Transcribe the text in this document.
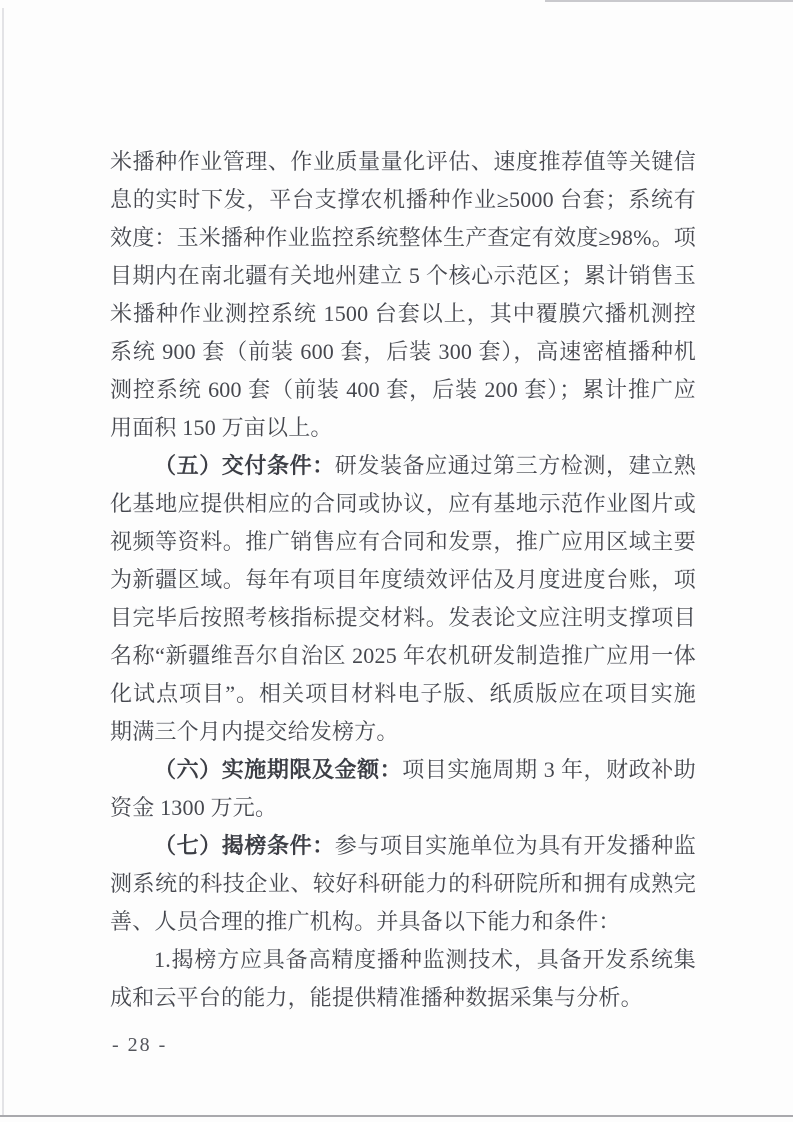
米播种作业管理、作业质量量化评估、速度推荐值等关键信息的实时下发，平台支撑农机播种作业≥5000 台套；系统有效度：玉米播种作业监控系统整体生产查定有效度≥98%。项目期内在南北疆有关地州建立 5 个核心示范区；累计销售玉米播种作业测控系统 1500 台套以上，其中覆膜穴播机测控系统 900 套（前装 600 套，后装 300 套），高速密植播种机测控系统 600 套（前装 400 套，后装 200 套）；累计推广应用面积 150 万亩以上。

（五）交付条件：研发装备应通过第三方检测，建立熟化基地应提供相应的合同或协议，应有基地示范作业图片或视频等资料。推广销售应有合同和发票，推广应用区域主要为新疆区域。每年有项目年度绩效评估及月度进度台账，项目完毕后按照考核指标提交材料。发表论文应注明支撑项目名称“新疆维吾尔自治区 2025 年农机研发制造推广应用一体化试点项目”。相关项目材料电子版、纸质版应在项目实施期满三个月内提交给发榜方。

（六）实施期限及金额：项目实施周期 3 年，财政补助资金 1300 万元。

（七）揭榜条件：参与项目实施单位为具有开发播种监测系统的科技企业、较好科研能力的科研院所和拥有成熟完善、人员合理的推广机构。并具备以下能力和条件：

1.揭榜方应具备高精度播种监测技术，具备开发系统集成和云平台的能力，能提供精准播种数据采集与分析。

- 28 -
